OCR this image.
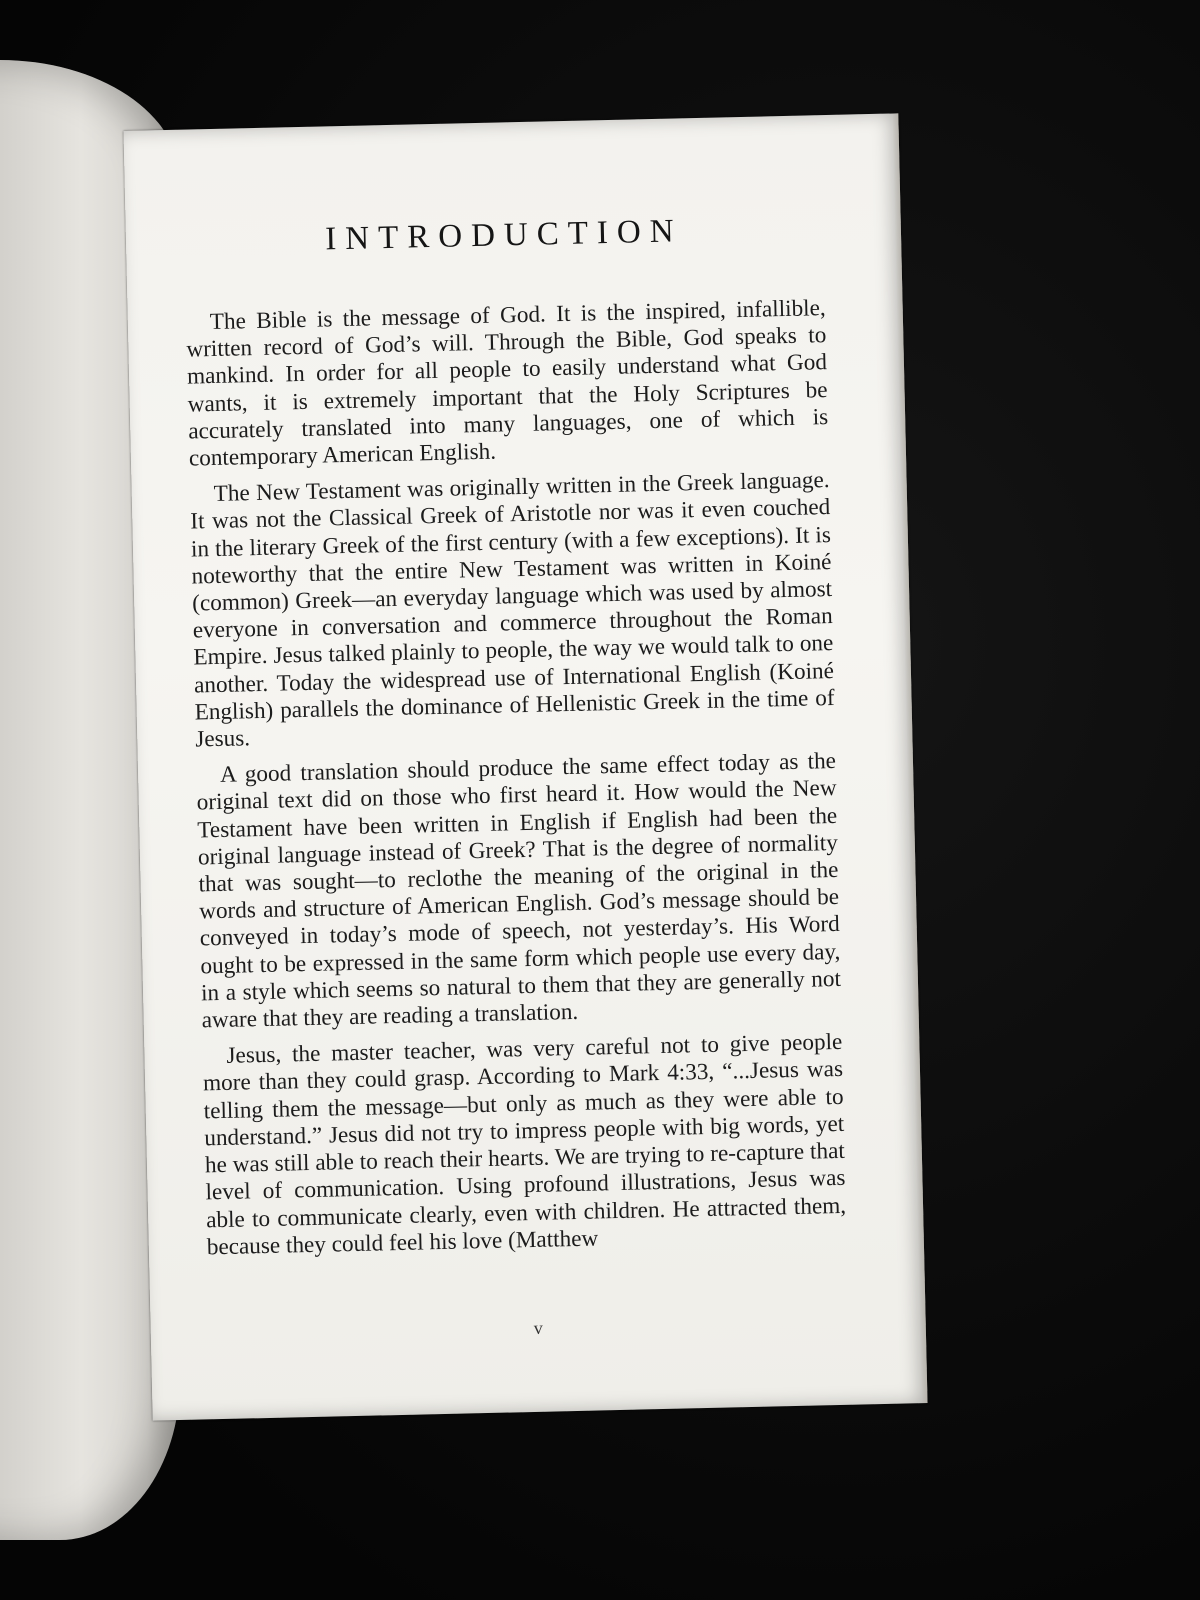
INTRODUCTION

The Bible is the message of God. It is the inspired, infallible, written record of God’s will. Through the Bible, God speaks to mankind. In order for all people to easily understand what God wants, it is extremely important that the Holy Scriptures be accurately translated into many languages, one of which is contemporary American English.

The New Testament was originally written in the Greek language. It was not the Classical Greek of Aristotle nor was it even couched in the literary Greek of the first century (with a few exceptions). It is noteworthy that the entire New Testament was written in Koiné (common) Greek—an everyday language which was used by almost everyone in conversation and commerce throughout the Roman Empire. Jesus talked plainly to people, the way we would talk to one another. Today the widespread use of International English (Koiné English) parallels the dominance of Hellenistic Greek in the time of Jesus.

A good translation should produce the same effect today as the original text did on those who first heard it. How would the New Testament have been written in English if English had been the original language instead of Greek? That is the degree of normality that was sought—to reclothe the meaning of the original in the words and structure of American English. God’s message should be conveyed in today’s mode of speech, not yesterday’s. His Word ought to be expressed in the same form which people use every day, in a style which seems so natural to them that they are generally not aware that they are reading a translation.

Jesus, the master teacher, was very careful not to give people more than they could grasp. According to Mark 4:33, “...Jesus was telling them the message—but only as much as they were able to understand.” Jesus did not try to impress people with big words, yet he was still able to reach their hearts. We are trying to re-capture that level of communication. Using profound illustrations, Jesus was able to communicate clearly, even with children. He attracted them, because they could feel his love (Matthew

v
